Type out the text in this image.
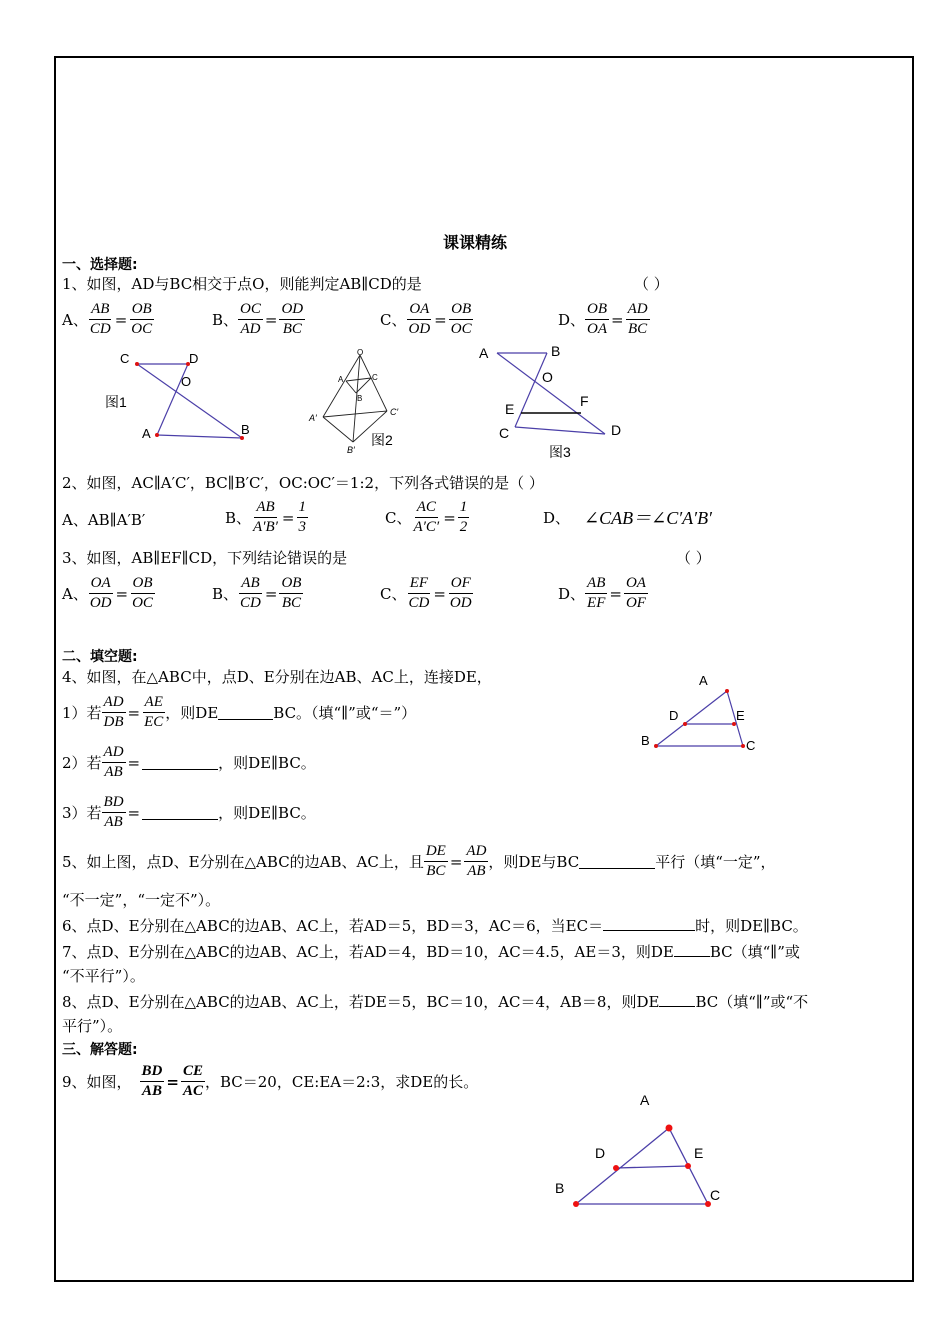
课课精练
一、选择题:
1、如图，AD与BC相交于点O，则能判定AB∥CD的是	（ ）
A、 $\frac{AB}{CD} = \frac{OB}{OC}$	B、 $\frac{OC}{AD} = \frac{OD}{BC}$	C、 $\frac{OA}{OD} = \frac{OB}{OC}$	D、 $\frac{OB}{OA} = \frac{AD}{BC}$
C	D
O
A	B
图1
O
A
B
C
A′
B′
C′
图2
A	B
O
E	F
C	D
图3
2、如图，AC∥A′C′，BC∥B′C′，OC:OC′＝1:2，下列各式错误的是（ ）
A、AB∥A′B′	B、 $\frac{AB}{A'B'} = \frac{1}{3}$	C、 $\frac{AC}{A'C'} = \frac{1}{2}$	D、 ∠CAB＝∠C′A′B′
3、如图，AB∥EF∥CD，下列结论错误的是	（ ）
A、 $\frac{OA}{OD} = \frac{OB}{OC}$	B、 $\frac{AB}{CD} = \frac{OB}{BC}$	C、 $\frac{EF}{CD} = \frac{OF}{OD}$	D、 $\frac{AB}{EF} = \frac{OA}{OF}$
二、填空题:
4、如图，在△ABC中，点D、E分别在边AB、AC上，连接DE，
1）若 $\frac{AD}{DB} = \frac{AE}{EC}$ ，则DE	BC。（填“∥”或“＝”）
2）若 $\frac{AD}{AB}$ =	，则DE∥BC。
3）若 $\frac{BD}{AB}$ =	，则DE∥BC。
A
D	E
B	C
5、如上图，点D、E分别在△ABC的边AB、AC上，且 $\frac{DE}{BC} = \frac{AD}{AB}$ ，则DE与BC	平行（填“一定”，
“不一定”，“一定不”）。
6、点D、E分别在△ABC的边AB、AC上，若AD＝5，BD＝3，AC＝6，当EC＝	时，则DE∥BC。
7、点D、E分别在△ABC的边AB、AC上，若AD＝4，BD＝10，AC＝4.5，AE＝3，则DE BC（填“∥”或
“不平行”）。
8、点D、E分别在△ABC的边AB、AC上，若DE＝5，BC＝10，AC＝4，AB＝8，则DE BC（填“∥”或“不
平行”）。
三、解答题:
9、如图， $\frac{BD}{AB} = \frac{CE}{AC}$ ，BC＝20，CE:EA＝2:3，求DE的长。
A
D	E
B	C
